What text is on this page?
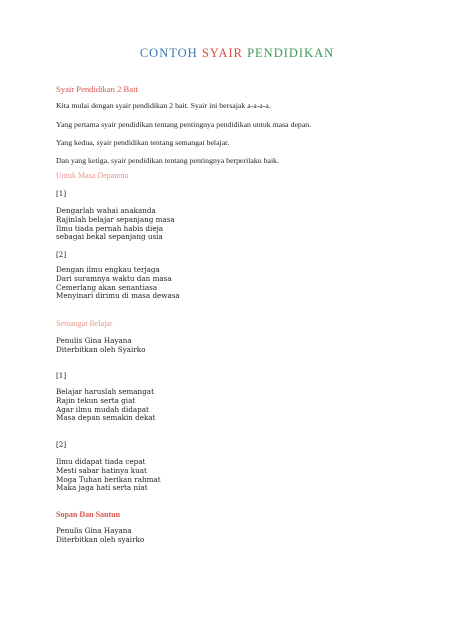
CONTOH SYAIR PENDIDIKAN
Syair Pendidikan 2 Bait
Kita mulai dengan syair pendidikan 2 bait. Syair ini bersajak a-a-a-a.
Yang pertama syair pendidikan tentang pentingnya pendidikan untuk masa depan.
Yang kedua, syair pendidikan tentang semangat belajar.
Dan yang ketiga, syair pendidikan tentang pentingnya berperilaku baik.
Untuk Masa Depanmu
[1]
Dengarlah wahai anakanda
Rajinlah belajar sepanjang masa
Ilmu tiada pernah habis dieja
sebagai bekal sepanjang usia
[2]
Dengan ilmu engkau terjaga
Dari suramnya waktu dan masa
Cemerlang akan senantiasa
Menyinari dirimu di masa dewasa
Semangat Belajar
Penulis Gina Hayana
Diterbitkan oleh Syairko
[1]
Belajar haruslah semangat
Rajin tekun serta giat
Agar ilmu mudah didapat
Masa depan semakin dekat
[2]
Ilmu didapat tiada cepat
Mesti sabar hatinya kuat
Moga Tuhan berikan rahmat
Maka jaga hati serta niat
Sopan Dan Santun
Penulis Gina Hayana
Diterbitkan oleh syairko
